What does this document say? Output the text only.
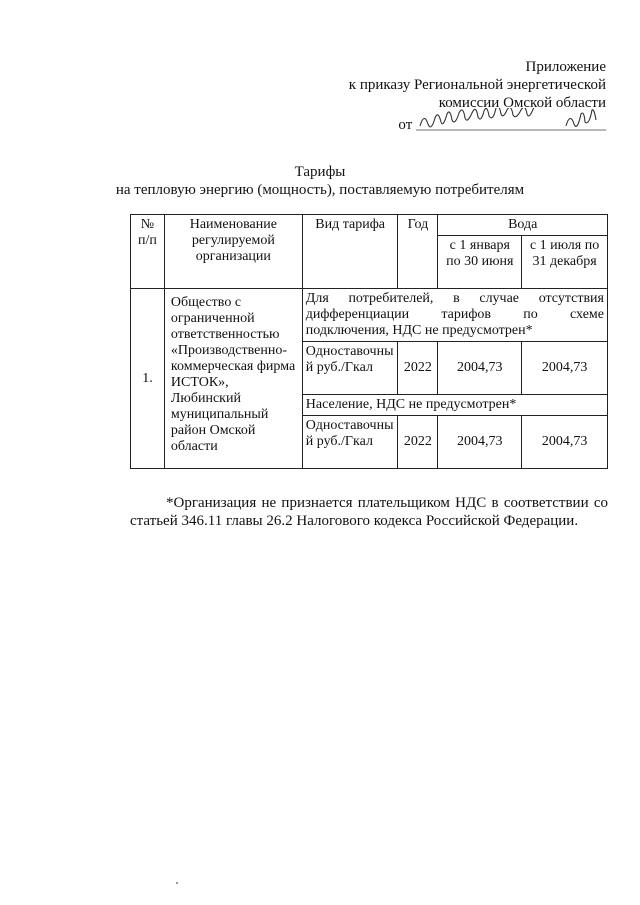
Приложение
к приказу Региональной энергетической
комиссии Омской области
от
Тарифы
на тепловую энергию (мощность), поставляемую потребителям
№ п/п	Наименование регулируемой организации	Вид тарифа	Год	Вода	
				с 1 января по 30 июня	с 1 июля по 31 декабря
1.	Общество с ограниченной ответственностью «Производственно-коммерческая фирма ИСТОК», Любинский муниципальный район Омской области	Для потребителей, в случае отсутствия дифференциации тарифов по схеме подключения, НДС не предусмотрен*			
		Одноставочный руб./Гкал	2022	2004,73	2004,73
		Население, НДС не предусмотрен*			
		Одноставочный руб./Гкал	2022	2004,73	2004,73
*Организация не признается плательщиком НДС в соответствии со статьей 346.11 главы 26.2 Налогового кодекса Российской Федерации.
